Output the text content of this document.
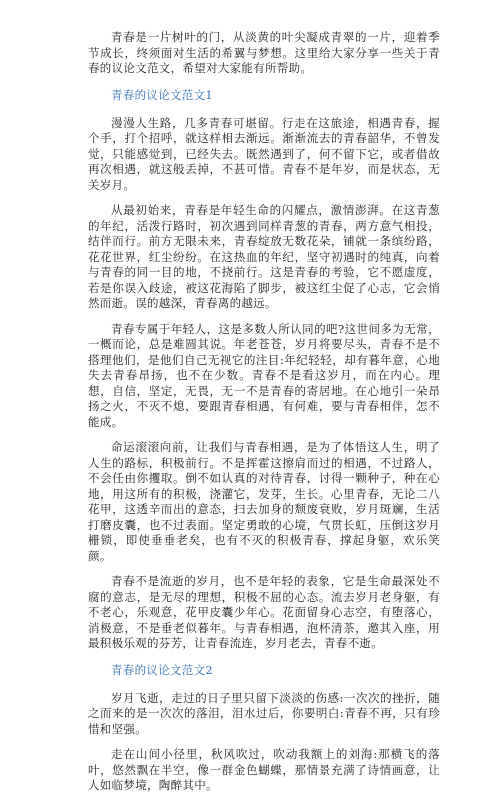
青春是一片树叶的门，从淡黄的叶尖凝成青翠的一片，迎着季节成长，终须面对生活的希翼与梦想。这里给大家分享一些关于青春的议论文范文，希望对大家能有所帮助。

青春的议论文范文1

漫漫人生路，几多青春可堪留。行走在这旅途，相遇青春，握个手，打个招呼，就这样相去渐远。渐渐流去的青春韶华，不曾发觉，只能感觉到，已经失去。既然遇到了，何不留下它，或者借故再次相遇，就这般丢掉，不甚可惜。青春不是年岁，而是状态，无关岁月。

从最初始来，青春是年轻生命的闪耀点，激情澎湃。在这青葱的年纪，活泼行路时，初次遇到同样青葱的青春，两方意气相投，结伴而行。前方无限未来，青春绽放无数花朵，铺就一条缤纷路，花花世界，红尘纷纷。在这热血的年纪，坚守初遇时的纯真，向着与青春的同一目的地，不挠前行。这是青春的考验，它不愿虚度，若是你误入歧途，被这花海陷了脚步，被这红尘促了心志，它会悄然而逝。误的越深，青春离的越远。

青春专属于年轻人，这是多数人所认同的吧?这世间多为无常，一概而论，总是难圆其说。年老苍苍，岁月将要尽头，青春不是不搭理他们，是他们自己无视它的注目:年纪轻轻，却有暮年意，心地失去青春昂扬，也不在少数。青春不是看这岁月，而在内心。理想，自信，坚定，无畏，无一不是青春的寄居地。在心地引一朵昂扬之火，不灭不熄，要跟青春相遇，有何难，要与青春相伴，怎不能成。

命运滚滚向前，让我们与青春相遇，是为了体悟这人生，明了人生的路标，积极前行。不是挥霍这擦肩而过的相遇，不过路人，不会任由你攫取。倒不如认真的对待青春，讨得一颗种子，种在心地，用这所有的积极，浇灌它，发芽，生长。心里青春，无论二八花甲，这透辛而出的意态，扫去加身的颓废衰败，岁月斑斓，生活打磨皮囊，也不过表面。坚定勇敢的心境，气贯长虹，压倒这岁月栅锁，即使垂垂老矣，也有不灭的积极青春，撑起身躯，欢乐笑颜。

青春不是流逝的岁月，也不是年轻的表象，它是生命最深处不腐的意志，是无尽的理想，积极不屈的心态。流去岁月老身躯，有不老心，乐观意，花甲皮囊少年心。花面留身心志空，有堕落心，消极意，不是垂老似暮年。与青春相遇，泡杯清茶，邀其入座，用最积极乐观的芬芳，让青春流连，岁月老去，青春不逝。

青春的议论文范文2

岁月飞逝，走过的日子里只留下淡淡的伤感:一次次的挫折，随之而来的是一次次的落泪，泪水过后，你要明白:青春不再，只有珍惜和坚强。

走在山间小径里，秋风吹过，吹动我额上的刘海:那横飞的落叶，悠然飘在半空，像一群金色蝴蝶，那情景充满了诗情画意，让人如临梦境，陶醉其中。
